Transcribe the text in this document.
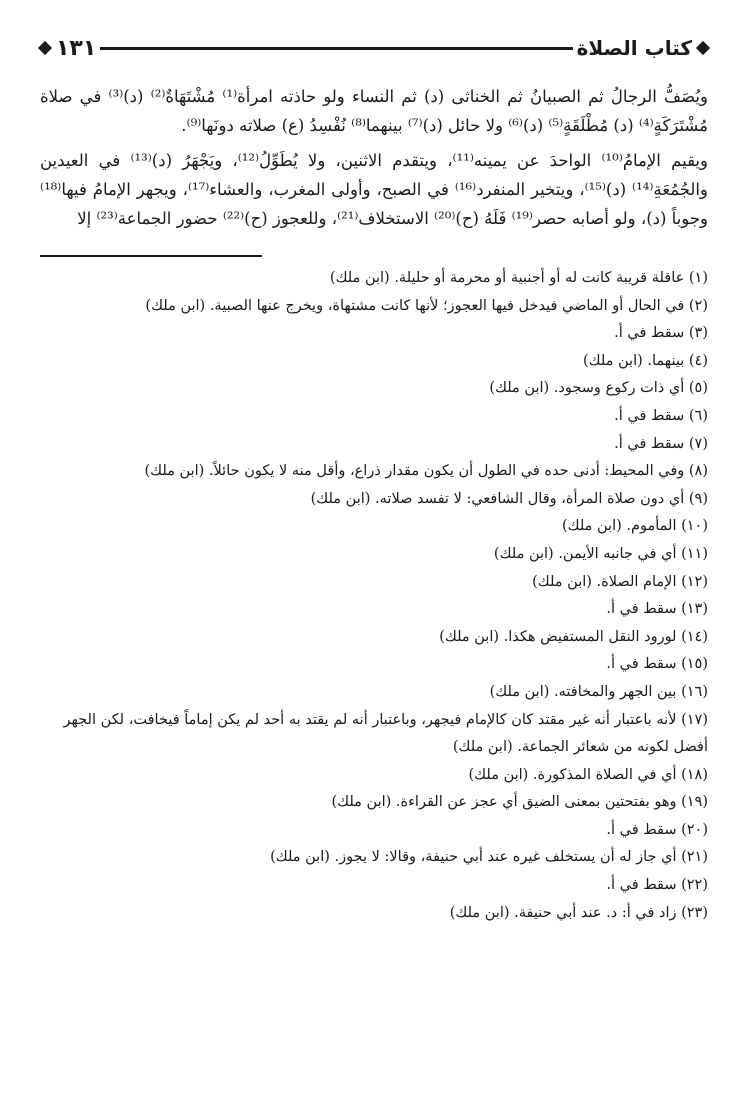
كتاب الصلاة
١٣١

ويُصَفُّ الرجالُ ثم الصبيانُ ثم الخناثى (د) ثم النساء ولو حاذته امرأة⁽¹⁾ مُشْتَهَاةٌ⁽²⁾ (د)⁽³⁾ في صلاة مُشْتَرَكَةٍ⁽⁴⁾ (د) مُطْلَقَةٍ⁽⁵⁾ (د)⁽⁶⁾ ولا حائل (د)⁽⁷⁾ بينهما⁽⁸⁾ نُفْسِدُ (ع) صلاته دونَها⁽⁹⁾.

ويقيم الإمامُ⁽¹⁰⁾ الواحدَ عن يمينه⁽¹¹⁾، ويتقدم الاثنين، ولا يُطَوِّلُ⁽¹²⁾، ويَجْهَرُ (د)⁽¹³⁾ في العيدين والجُمُعَةِ⁽¹⁴⁾ (د)⁽¹⁵⁾، ويتخير المنفرد⁽¹⁶⁾ في الصبح، وأولى المغرب، والعشاء⁽¹⁷⁾، ويجهر الإمامُ فيها⁽¹⁸⁾ وجوباً (د)، ولو أصابه حصر⁽¹⁹⁾ فَلَهُ (ح)⁽²⁰⁾ الاستخلاف⁽²¹⁾، وللعجوز (ح)⁽²²⁾ حضور الجماعة⁽²³⁾ إلا

(١) عاقلة قريبة كانت له أو أجنبية أو محرمة أو حليلة. (ابن ملك)
(٢) في الحال أو الماضي فيدخل فيها العجوز؛ لأنها كانت مشتهاة، ويخرج عنها الصبية. (ابن ملك)
(٣) سقط في أ.
(٤) بينهما. (ابن ملك)
(٥) أي ذات ركوع وسجود. (ابن ملك)
(٦) سقط في أ.
(٧) سقط في أ.
(٨) وفي المحيط: أدنى حده في الطول أن يكون مقدار ذراع، وأقل منه لا يكون حائلاً. (ابن ملك)
(٩) أي دون صلاة المرأة، وقال الشافعي: لا تفسد صلاته. (ابن ملك)
(١٠) المأموم. (ابن ملك)
(١١) أي في جانبه الأيمن. (ابن ملك)
(١٢) الإمام الصلاة. (ابن ملك)
(١٣) سقط في أ.
(١٤) لورود النقل المستفيض هكذا. (ابن ملك)
(١٥) سقط في أ.
(١٦) بين الجهر والمخافته. (ابن ملك)
(١٧) لأنه باعتبار أنه غير مقتد كان كالإمام فيجهر، وباعتبار أنه لم يقتد به أحد لم يكن إماماً فيخافت، لكن الجهر أفضل لكونه من شعائر الجماعة. (ابن ملك)
(١٨) أي في الصلاة المذكورة. (ابن ملك)
(١٩) وهو بفتحتين بمعنى الضيق أي عجز عن القراءة. (ابن ملك)
(٢٠) سقط في أ.
(٢١) أي جاز له أن يستخلف غيره عند أبي حنيفة، وقالا: لا يجوز. (ابن ملك)
(٢٢) سقط في أ.
(٢٣) زاد في أ: د. عند أبي حنيفة. (ابن ملك)
